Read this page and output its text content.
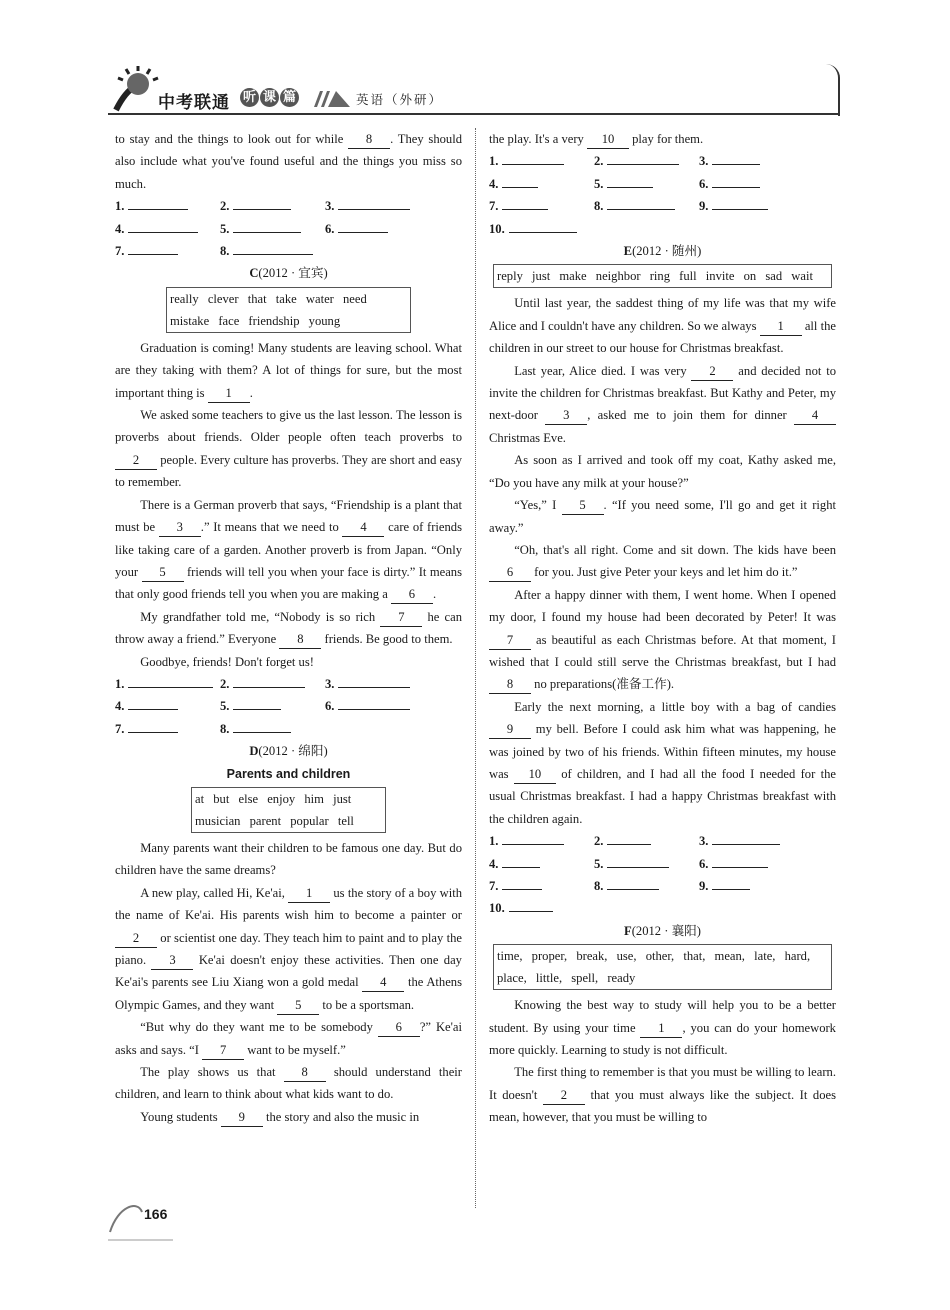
中考联通 听 课 篇	英语（外研）

to stay and the things to look out for while 8 . They should also include what you've found useful and the things you miss so much.

1.	2.	3.
4.	5.	6.
7.	8.
C(2012 · 宜宾)
really clever that take water need mistake face friendship young

Graduation is coming! Many students are leaving school. What are they taking with them? A lot of things for sure, but the most important thing is 1 .

We asked some teachers to give us the last lesson. The lesson is proverbs about friends. Older people often teach proverbs to 2 people. Every culture has proverbs. They are short and easy to remember.

There is a German proverb that says, “Friendship is a plant that must be 3 .” It means that we need to 4 care of friends like taking care of a garden. Another proverb is from Japan. “Only your 5 friends will tell you when your face is dirty.” It means that only good friends tell you when you are making a 6 .

My grandfather told me, “Nobody is so rich 7 he can throw away a friend.” Everyone 8 friends. Be good to them.

Goodbye, friends! Don't forget us!

1.	2.	3.
4.	5.	6.
7.	8.
D(2012 · 绵阳)
Parents and children
at but else enjoy him just musician parent popular tell

Many parents want their children to be famous one day. But do children have the same dreams?

A new play, called Hi, Ke'ai, 1 us the story of a boy with the name of Ke'ai. His parents wish him to become a painter or 2 or scientist one day. They teach him to paint and to play the piano. 3 Ke'ai doesn't enjoy these activities. Then one day Ke'ai's parents see Liu Xiang won a gold medal 4 the Athens Olympic Games, and they want 5 to be a sportsman.

“But why do they want me to be somebody 6 ?” Ke'ai asks and says. “I 7 want to be myself.”

The play shows us that 8 should understand their children, and learn to think about what kids want to do.

Young students 9 the story and also the music in

the play. It's a very 10 play for them.

1.	2.	3.
4.	5.	6.
7.	8.	9.
10.
E(2012 · 随州)
reply just make neighbor ring full invite on sad wait

Until last year, the saddest thing of my life was that my wife Alice and I couldn't have any children. So we always 1 all the children in our street to our house for Christmas breakfast.

Last year, Alice died. I was very 2 and decided not to invite the children for Christmas breakfast. But Kathy and Peter, my next-door 3 , asked me to join them for dinner 4 Christmas Eve.

As soon as I arrived and took off my coat, Kathy asked me, “Do you have any milk at your house?”

“Yes,” I 5 . “If you need some, I'll go and get it right away.”

“Oh, that's all right. Come and sit down. The kids have been 6 for you. Just give Peter your keys and let him do it.”

After a happy dinner with them, I went home. When I opened my door, I found my house had been decorated by Peter! It was 7 as beautiful as each Christmas before. At that moment, I wished that I could still serve the Christmas breakfast, but I had 8 no preparations(准备工作).

Early the next morning, a little boy with a bag of candies 9 my bell. Before I could ask him what was happening, he was joined by two of his friends. Within fifteen minutes, my house was 10 of children, and I had all the food I needed for the usual Christmas breakfast. I had a happy Christmas breakfast with the children again.

1.	2.	3.
4.	5.	6.
7.	8.	9.
10.
F(2012 · 襄阳)
time, proper, break, use, other, that, mean, late, hard, place, little, spell, ready

Knowing the best way to study will help you to be a better student. By using your time 1 , you can do your homework more quickly. Learning to study is not difficult.

The first thing to remember is that you must be willing to learn. It doesn't 2 that you must always like the subject. It does mean, however, that you must be willing to

166
